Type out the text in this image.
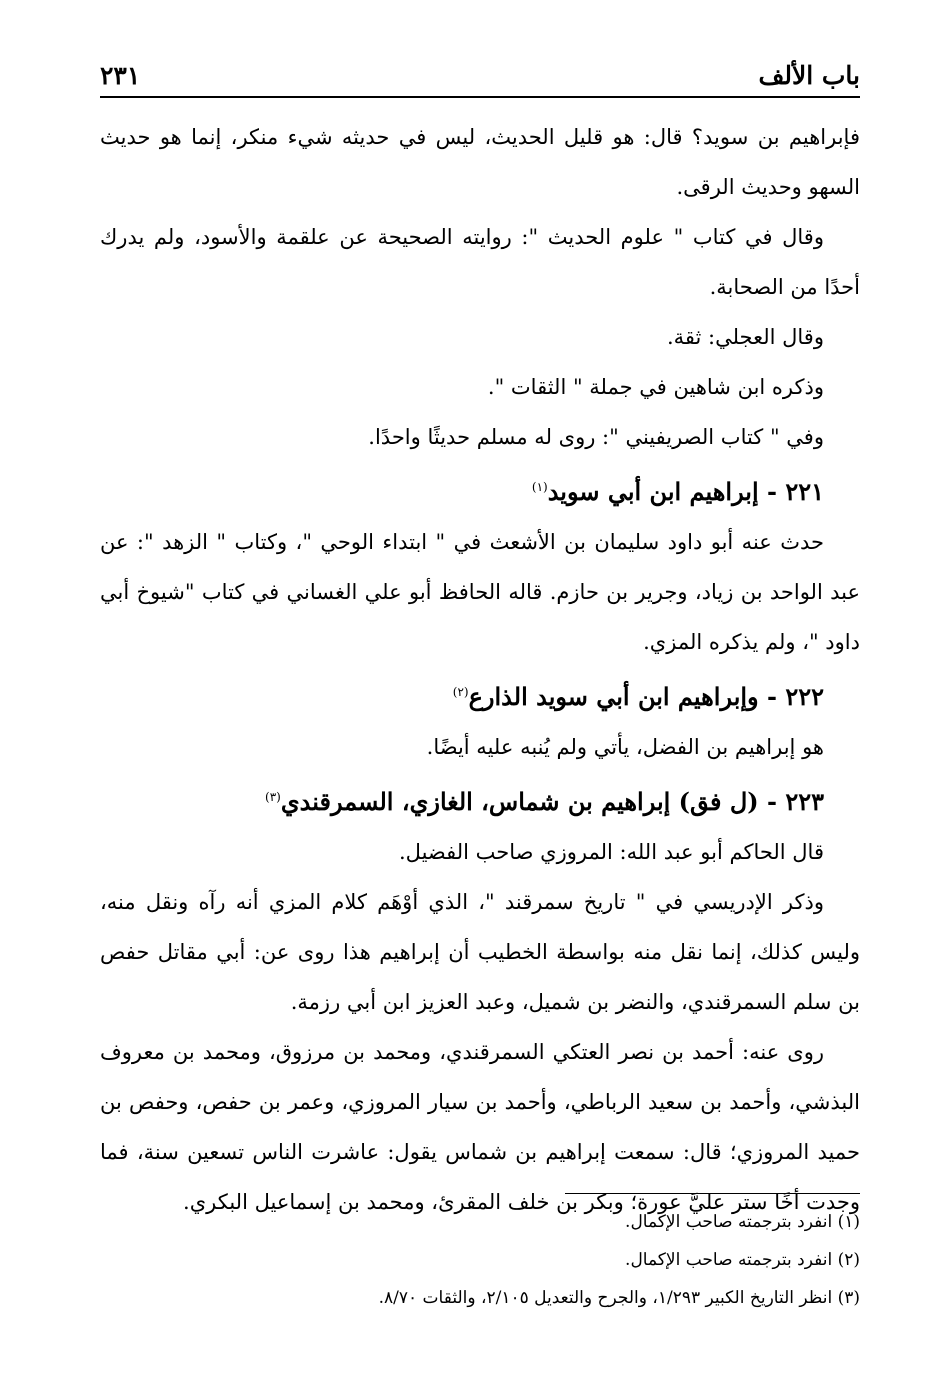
باب الألف
٢٣١

فإبراهيم بن سويد؟ قال: هو قليل الحديث، ليس في حديثه شيء منكر، إنما هو حديث السهو وحديث الرقى.

وقال في كتاب " علوم الحديث ": روايته الصحيحة عن علقمة والأسود، ولم يدرك أحدًا من الصحابة.

وقال العجلي: ثقة.

وذكره ابن شاهين في جملة " الثقات ".

وفي " كتاب الصريفيني ": روى له مسلم حديثًا واحدًا.

٢٢١ - إبراهيم ابن أبي سويد$^{(١)}$

حدث عنه أبو داود سليمان بن الأشعث في " ابتداء الوحي "، وكتاب " الزهد ": عن عبد الواحد بن زياد، وجرير بن حازم. قاله الحافظ أبو علي الغساني في كتاب "شيوخ أبي داود "، ولم يذكره المزي.

٢٢٢ - وإبراهيم ابن أبي سويد الذارع$^{(٢)}$

هو إبراهيم بن الفضل، يأتي ولم يُنبه عليه أيضًا.

٢٢٣ - (ل فق) إبراهيم بن شماس، الغازي، السمرقندي$^{(٣)}$

قال الحاكم أبو عبد الله: المروزي صاحب الفضيل.

وذكر الإدريسي في " تاريخ سمرقند "، الذي أوْهَم كلام المزي أنه رآه ونقل منه، وليس كذلك، إنما نقل منه بواسطة الخطيب أن إبراهيم هذا روى عن: أبي مقاتل حفص بن سلم السمرقندي، والنضر بن شميل، وعبد العزيز ابن أبي رزمة.

روى عنه: أحمد بن نصر العتكي السمرقندي، ومحمد بن مرزوق، ومحمد بن معروف البذشي، وأحمد بن سعيد الرباطي، وأحمد بن سيار المروزي، وعمر بن حفص، وحفص بن حميد المروزي؛ قال: سمعت إبراهيم بن شماس يقول: عاشرت الناس تسعين سنة، فما وجدت أخًا ستر عليَّ عورة؛ وبكر بن خلف المقرئ، ومحمد بن إسماعيل البكري.

(١) انفرد بترجمته صاحب الإكمال.

(٢) انفرد بترجمته صاحب الإكمال.

(٣) انظر التاريخ الكبير ١/٢٩٣، والجرح والتعديل ٢/١٠٥، والثقات ٨/٧٠.
